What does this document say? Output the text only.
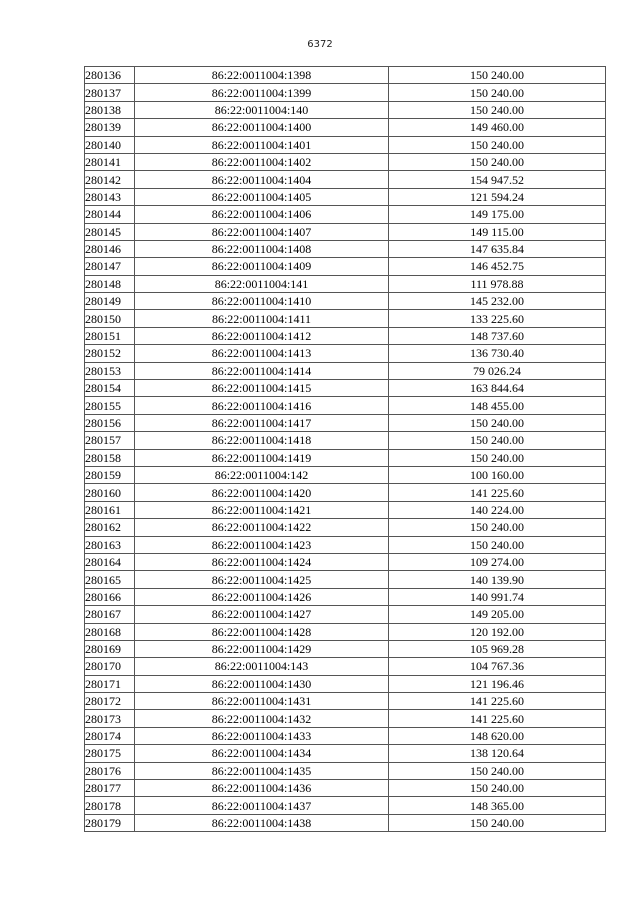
6372
280136	86:22:0011004:1398	150 240.00
280137	86:22:0011004:1399	150 240.00
280138	86:22:0011004:140	150 240.00
280139	86:22:0011004:1400	149 460.00
280140	86:22:0011004:1401	150 240.00
280141	86:22:0011004:1402	150 240.00
280142	86:22:0011004:1404	154 947.52
280143	86:22:0011004:1405	121 594.24
280144	86:22:0011004:1406	149 175.00
280145	86:22:0011004:1407	149 115.00
280146	86:22:0011004:1408	147 635.84
280147	86:22:0011004:1409	146 452.75
280148	86:22:0011004:141	111 978.88
280149	86:22:0011004:1410	145 232.00
280150	86:22:0011004:1411	133 225.60
280151	86:22:0011004:1412	148 737.60
280152	86:22:0011004:1413	136 730.40
280153	86:22:0011004:1414	79 026.24
280154	86:22:0011004:1415	163 844.64
280155	86:22:0011004:1416	148 455.00
280156	86:22:0011004:1417	150 240.00
280157	86:22:0011004:1418	150 240.00
280158	86:22:0011004:1419	150 240.00
280159	86:22:0011004:142	100 160.00
280160	86:22:0011004:1420	141 225.60
280161	86:22:0011004:1421	140 224.00
280162	86:22:0011004:1422	150 240.00
280163	86:22:0011004:1423	150 240.00
280164	86:22:0011004:1424	109 274.00
280165	86:22:0011004:1425	140 139.90
280166	86:22:0011004:1426	140 991.74
280167	86:22:0011004:1427	149 205.00
280168	86:22:0011004:1428	120 192.00
280169	86:22:0011004:1429	105 969.28
280170	86:22:0011004:143	104 767.36
280171	86:22:0011004:1430	121 196.46
280172	86:22:0011004:1431	141 225.60
280173	86:22:0011004:1432	141 225.60
280174	86:22:0011004:1433	148 620.00
280175	86:22:0011004:1434	138 120.64
280176	86:22:0011004:1435	150 240.00
280177	86:22:0011004:1436	150 240.00
280178	86:22:0011004:1437	148 365.00
280179	86:22:0011004:1438	150 240.00
